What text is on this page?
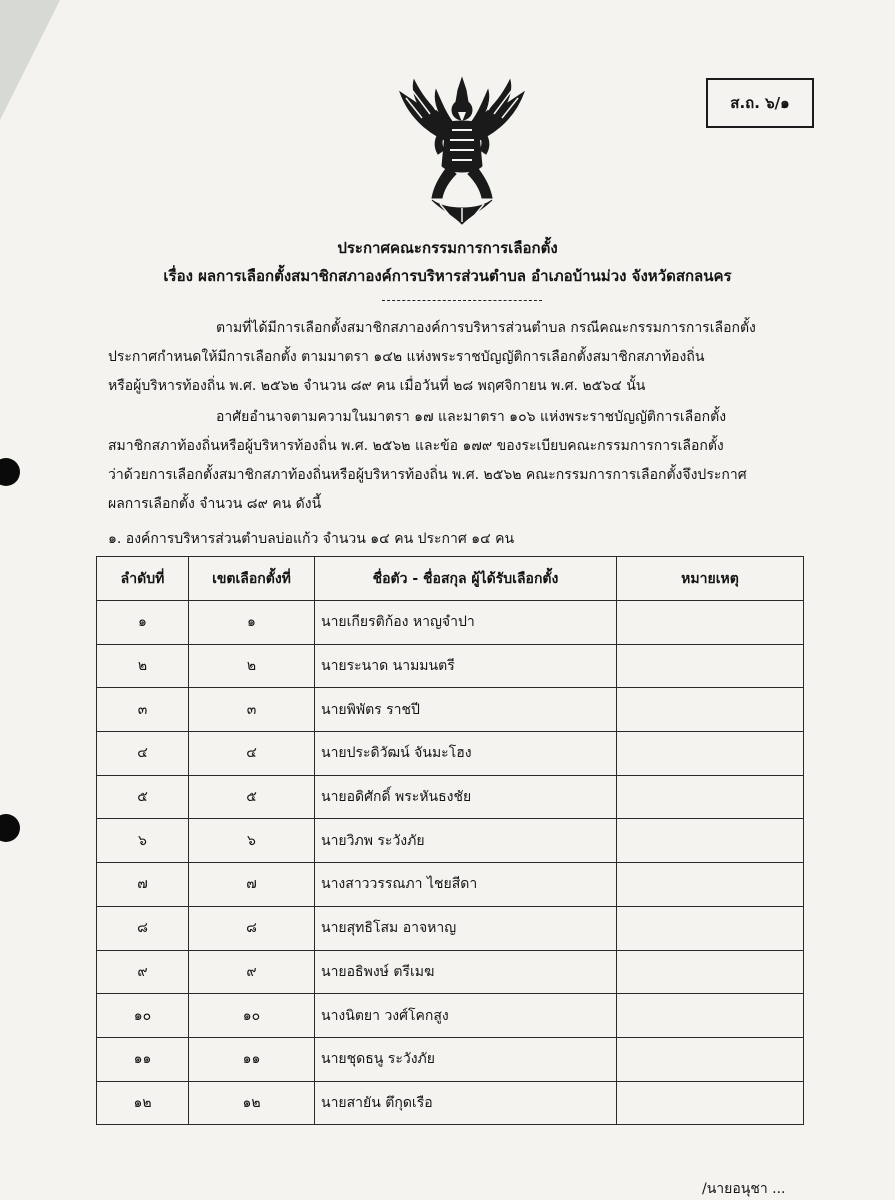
ส.ถ. ๖/๑
ประกาศคณะกรรมการการเลือกตั้ง
เรื่อง ผลการเลือกตั้งสมาชิกสภาองค์การบริหารส่วนตำบล อำเภอบ้านม่วง จังหวัดสกลนคร
ตามที่ได้มีการเลือกตั้งสมาชิกสภาองค์การบริหารส่วนตำบล กรณีคณะกรรมการการเลือกตั้ง
ประกาศกำหนดให้มีการเลือกตั้ง ตามมาตรา ๑๔๒ แห่งพระราชบัญญัติการเลือกตั้งสมาชิกสภาท้องถิ่น
หรือผู้บริหารท้องถิ่น พ.ศ. ๒๕๖๒ จำนวน ๘๙ คน เมื่อวันที่ ๒๘ พฤศจิกายน พ.ศ. ๒๕๖๔ นั้น
อาศัยอำนาจตามความในมาตรา ๑๗ และมาตรา ๑๐๖ แห่งพระราชบัญญัติการเลือกตั้ง
สมาชิกสภาท้องถิ่นหรือผู้บริหารท้องถิ่น พ.ศ. ๒๕๖๒ และข้อ ๑๗๙ ของระเบียบคณะกรรมการการเลือกตั้ง
ว่าด้วยการเลือกตั้งสมาชิกสภาท้องถิ่นหรือผู้บริหารท้องถิ่น พ.ศ. ๒๕๖๒ คณะกรรมการการเลือกตั้งจึงประกาศ
ผลการเลือกตั้ง จำนวน ๘๙ คน ดังนี้
๑. องค์การบริหารส่วนตำบลบ่อแก้ว จำนวน ๑๔ คน ประกาศ ๑๔ คน
ลำดับที่	เขตเลือกตั้งที่	ชื่อตัว - ชื่อสกุล ผู้ได้รับเลือกตั้ง	หมายเหตุ
๑	๑	นายเกียรติก้อง หาญจำปา	
๒	๒	นายระนาด นามมนตรี	
๓	๓	นายพิพัตร ราชปี	
๔	๔	นายประดิวัฒน์ จันมะโฮง	
๕	๕	นายอดิศักดิ์ พระหันธงชัย	
๖	๖	นายวิภพ ระวังภัย	
๗	๗	นางสาววรรณภา ไชยสีดา	
๘	๘	นายสุทธิโสม อาจหาญ	
๙	๙	นายอธิพงษ์ ตรีเมฆ	
๑๐	๑๐	นางนิตยา วงศ์โคกสูง	
๑๑	๑๑	นายชุดธนู ระวังภัย	
๑๒	๑๒	นายสายัน ตึกุดเรือ	
/นายอนุชา ...
